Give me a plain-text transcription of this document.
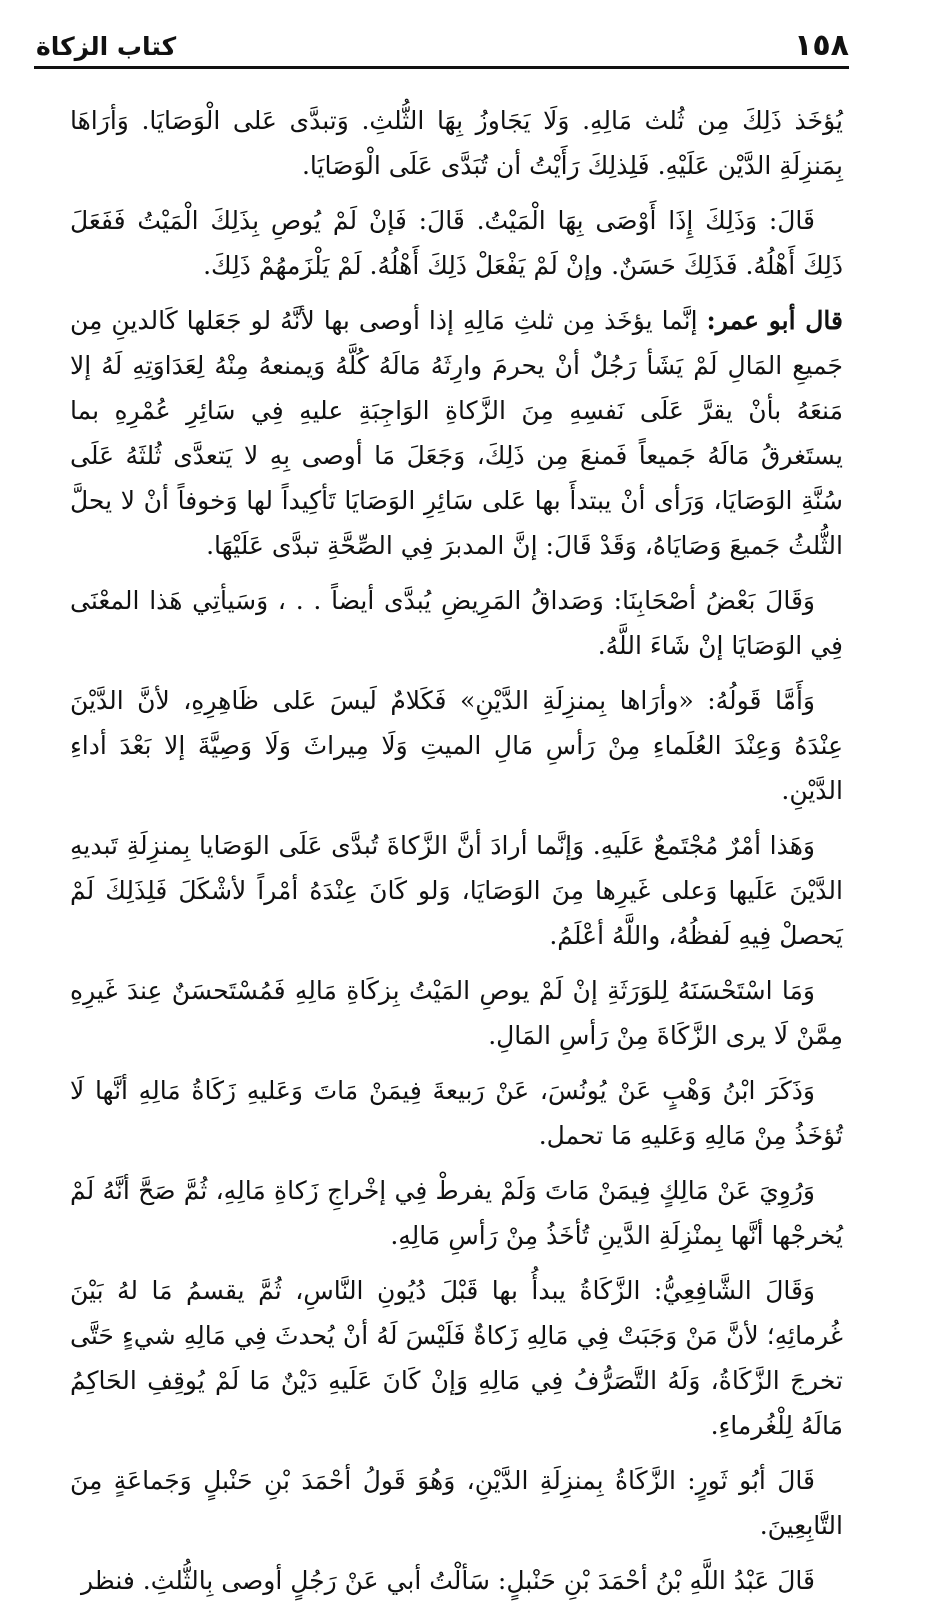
١٥٨
كتاب الزكاة

يُؤخَذ ذَلِكَ مِن ثُلث مَالِهِ. وَلَا يَجَاوزُ بِهَا الثُّلثِ. وَتبدَّى عَلى الْوَصَايَا. وَأرَاهَا بِمَنزِلَةِ الدَّيْن عَلَيْهِ. فَلِذلِكَ رَأَيْتُ أن تُبَدَّى عَلَى الْوَصَايَا.

قَالَ: وَذَلِكَ إِذَا أَوْصَى بِهَا الْمَيْتُ. قَالَ: فَإنْ لَمْ يُوصِ بِذَلِكَ الْمَيْتُ فَفَعَلَ ذَلِكَ أَهْلُهُ. فَذَلِكَ حَسَنٌ. وإنْ لَمْ يَفْعَلْ ذَلِكَ أَهْلُهُ. لَمْ يَلْزَمهُمْ ذَلِكَ.

قال أبو عمر: إنَّما يؤخَذ مِن ثلثِ مَالِهِ إذا أوصى بها لأنَّهُ لو جَعَلها كَالدينِ مِن جَميعِ المَالِ لَمْ يَشَأ رَجُلٌ أنْ يحرمَ وارِثَهُ مَالَهُ كُلَّهُ وَيمنعهُ مِنْهُ لِعَدَاوَتِهِ لَهُ إلا مَنعَهُ بأنْ يقرَّ عَلَى نَفسِهِ مِنَ الزَّكاةِ الوَاجِبَةِ عليهِ فِي سَائِرِ عُمْرِهِ بما يستَغرقُ مَالَهُ جَميعاً فَمنعَ مِن ذَلِكَ، وَجَعَلَ مَا أوصى بِهِ لا يَتعدَّى ثُلثَهُ عَلَى سُنَّةِ الوَصَايَا، وَرَأى أنْ يبتدأَ بها عَلى سَائِرِ الوَصَايَا تَأكِيداً لها وَخوفاً أنْ لا يحلَّ الثُّلثُ جَميعَ وَصَايَاهُ، وَقَدْ قَالَ: إنَّ المدبرَ فِي الصِّحَّةِ تبدَّى عَلَيْهَا.

وَقَالَ بَعْضُ أصْحَابِنَا: وَصَداقُ المَرِيضِ يُبدَّى أيضاً . . ، وَسَيأتِي هَذا المعْنَى فِي الوَصَايَا إنْ شَاءَ اللَّهُ.

وَأَمَّا قَولُهُ: «وأرَاها بِمنزِلَةِ الدَّيْنِ» فَكَلامٌ لَيسَ عَلى ظَاهِرِهِ، لأنَّ الدَّيْنَ عِنْدَهُ وَعِنْدَ العُلَماءِ مِنْ رَأسِ مَالِ الميتِ وَلَا مِيراثَ وَلَا وَصِيَّةَ إلا بَعْدَ أداءِ الدَّيْنِ.

وَهَذا أمْرٌ مُجْتَمعٌ عَلَيهِ. وَإنَّما أرادَ أنَّ الزَّكاةَ تُبدَّى عَلَى الوَصَايا بِمنزِلَةِ تَبديهِ الدَّيْنَ عَلَيها وَعلى غَيرِها مِنَ الوَصَايَا، وَلو كَانَ عِنْدَهُ أمْراً لأشْكَلَ فَلِذَلِكَ لَمْ يَحصلْ فِيهِ لَفظُهُ، واللَّهُ أعْلَمُ.

وَمَا اسْتَحْسَنَهُ لِلوَرَثَةِ إنْ لَمْ يوصِ المَيْتُ بِزكَاةِ مَالِهِ فَمُسْتَحسَنٌ عِندَ غَيرِهِ مِمَّنْ لَا يرى الزَّكَاةَ مِنْ رَأسِ المَالِ.

وَذَكَرَ ابْنُ وَهْبٍ عَنْ يُونُسَ، عَنْ رَبيعةَ فِيمَنْ مَاتَ وَعَليهِ زَكَاةُ مَالِهِ أنَّها لَا تُؤخَذُ مِنْ مَالِهِ وَعَليهِ مَا تحمل.

وَرُوِيَ عَنْ مَالِكٍ فِيمَنْ مَاتَ وَلَمْ يفرطْ فِي إخْراجِ زَكاةِ مَالِهِ، ثُمَّ صَحَّ أنَّهُ لَمْ يُخرجْها أنَّها بِمنْزِلَةِ الدَّينِ تُأخَذُ مِنْ رَأسِ مَالِهِ.

وَقَالَ الشَّافِعِيُّ: الزَّكَاةُ يبدأُ بها قَبْلَ دُيُونِ النَّاسِ، ثُمَّ يقسمُ مَا لهُ بَيْنَ غُرمائِهِ؛ لأنَّ مَنْ وَجَبَتْ فِي مَالِهِ زَكاةٌ فَلَيْسَ لَهُ أنْ يُحدثَ فِي مَالِهِ شيءٍ حَتَّى تخرجَ الزَّكَاةُ، وَلَهُ التَّصَرُّفُ فِي مَالِهِ وَإنْ كَانَ عَلَيهِ دَيْنٌ مَا لَمْ يُوقِفِ الحَاكِمُ مَالَهُ لِلْغُرماءِ.

قَالَ أبُو ثَورٍ: الزَّكَاةُ بِمنزِلَةِ الدَّيْنِ، وَهُوَ قَولُ أحْمَدَ بْنِ حَنْبلٍ وَجَماعَةٍ مِنَ التَّابِعِينَ.

قَالَ عَبْدُ اللَّهِ بْنُ أحْمَدَ بْنِ حَنْبلٍ: سَألْتُ أبي عَنْ رَجُلٍ أوصى بِالثُّلثِ. فنظر
